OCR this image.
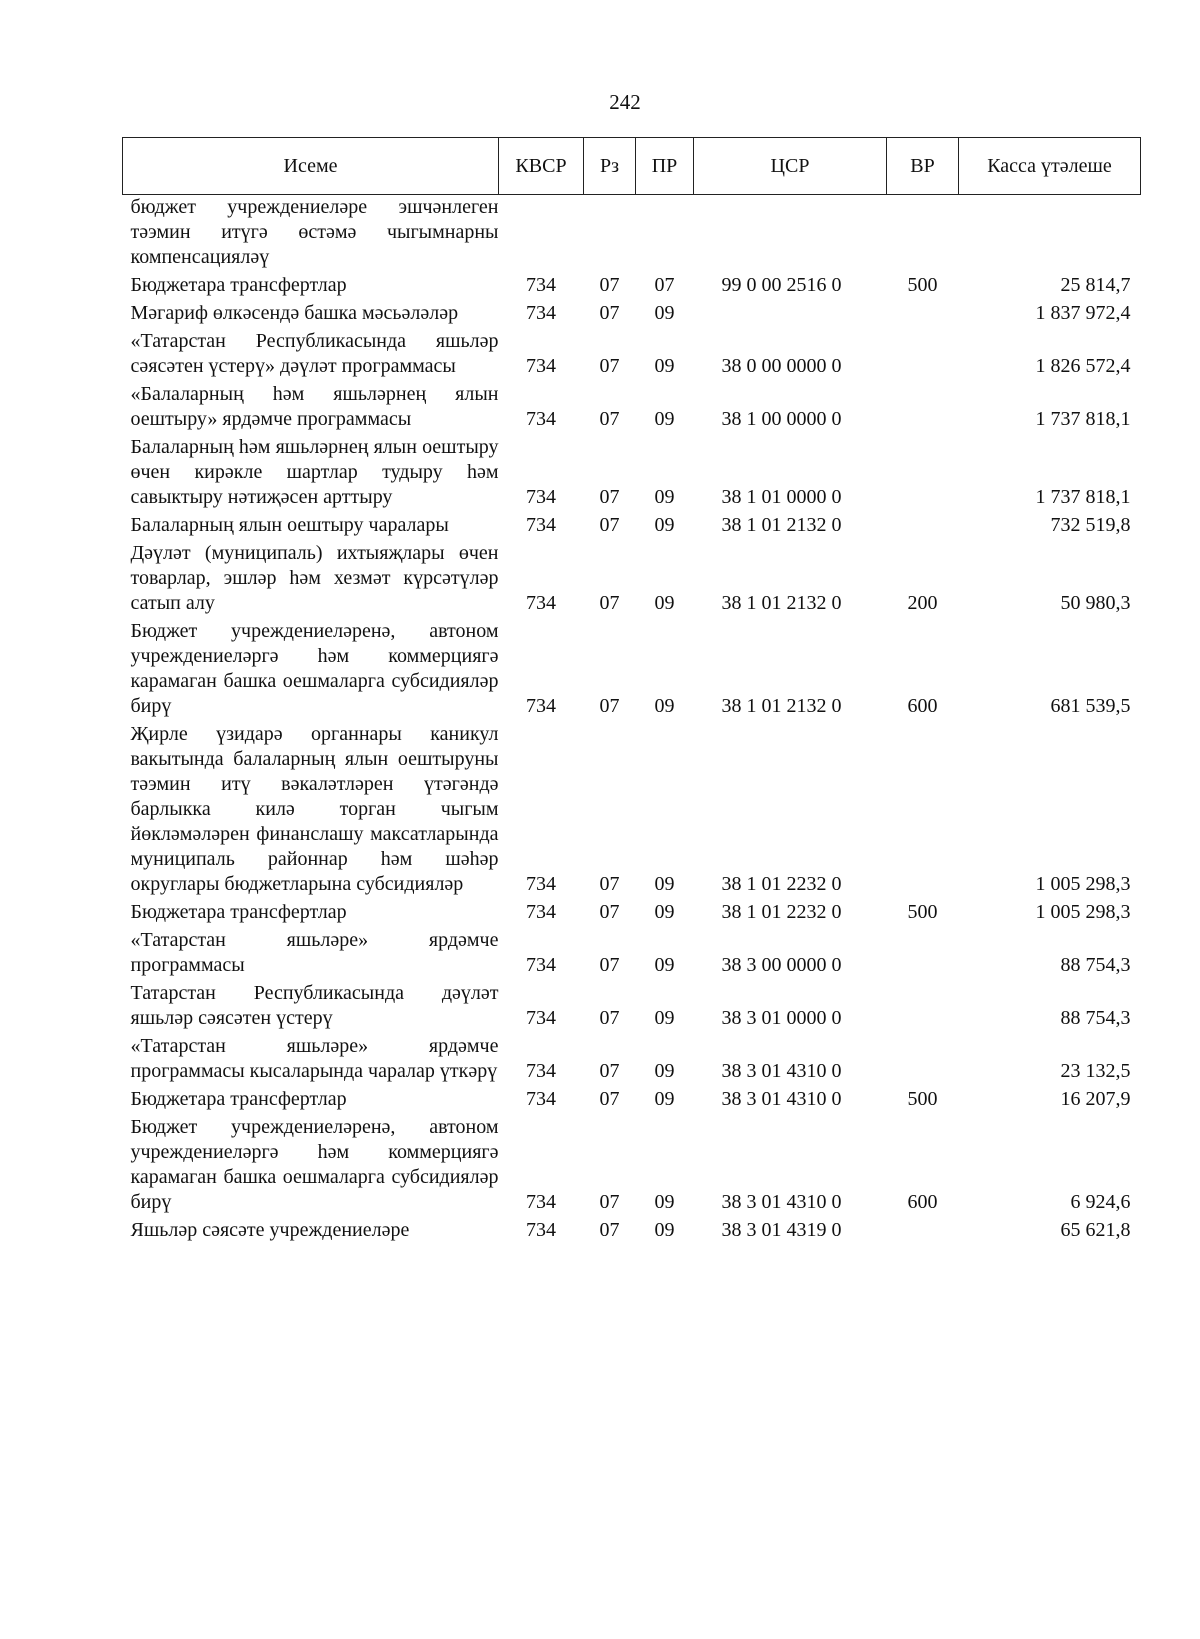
242
Исеме	КВСР	Рз	ПР	ЦСР	ВР	Касса үтәлеше
бюджет учреждениеләре эшчәнлеген тәэмин итүгә өстәмә чыгымнарны компенсацияләү						
Бюджетара трансфертлар	734	07	07	99 0 00 2516 0	500	25 814,7
Мәгариф өлкәсендә башка мәсьәләләр	734	07	09			1 837 972,4
«Татарстан Республикасында яшьләр сәясәтен үстерү» дәүләт программасы	734	07	09	38 0 00 0000 0		1 826 572,4
«Балаларның һәм яшьләрнең ялын оештыру» ярдәмче программасы	734	07	09	38 1 00 0000 0		1 737 818,1
Балаларның һәм яшьләрнең ялын оештыру өчен кирәкле шартлар тудыру һәм савыктыру нәтиҗәсен арттыру	734	07	09	38 1 01 0000 0		1 737 818,1
Балаларның ялын оештыру чаралары	734	07	09	38 1 01 2132 0		732 519,8
Дәүләт (муниципаль) ихтыяҗлары өчен товарлар, эшләр һәм хезмәт күрсәтүләр сатып алу	734	07	09	38 1 01 2132 0	200	50 980,3
Бюджет учреждениеләренә, автоном учреждениеләргә һәм коммерциягә карамаган башка оешмаларга субсидияләр бирү	734	07	09	38 1 01 2132 0	600	681 539,5
Җирле үзидарә органнары каникул вакытында балаларның ялын оештыруны тәэмин итү вәкаләтләрен үтәгәндә барлыкка килә торган чыгым йөкләмәләрен финанслашу максатларында муниципаль районнар һәм шәһәр округлары бюджетларына субсидияләр	734	07	09	38 1 01 2232 0		1 005 298,3
Бюджетара трансфертлар	734	07	09	38 1 01 2232 0	500	1 005 298,3
«Татарстан яшьләре» ярдәмче программасы	734	07	09	38 3 00 0000 0		88 754,3
Татарстан Республикасында дәүләт яшьләр сәясәтен үстерү	734	07	09	38 3 01 0000 0		88 754,3
«Татарстан яшьләре» ярдәмче программасы кысаларында чаралар үткәрү	734	07	09	38 3 01 4310 0		23 132,5
Бюджетара трансфертлар	734	07	09	38 3 01 4310 0	500	16 207,9
Бюджет учреждениеләренә, автоном учреждениеләргә һәм коммерциягә карамаган башка оешмаларга субсидияләр бирү	734	07	09	38 3 01 4310 0	600	6 924,6
Яшьләр сәясәте учреждениеләре	734	07	09	38 3 01 4319 0		65 621,8
